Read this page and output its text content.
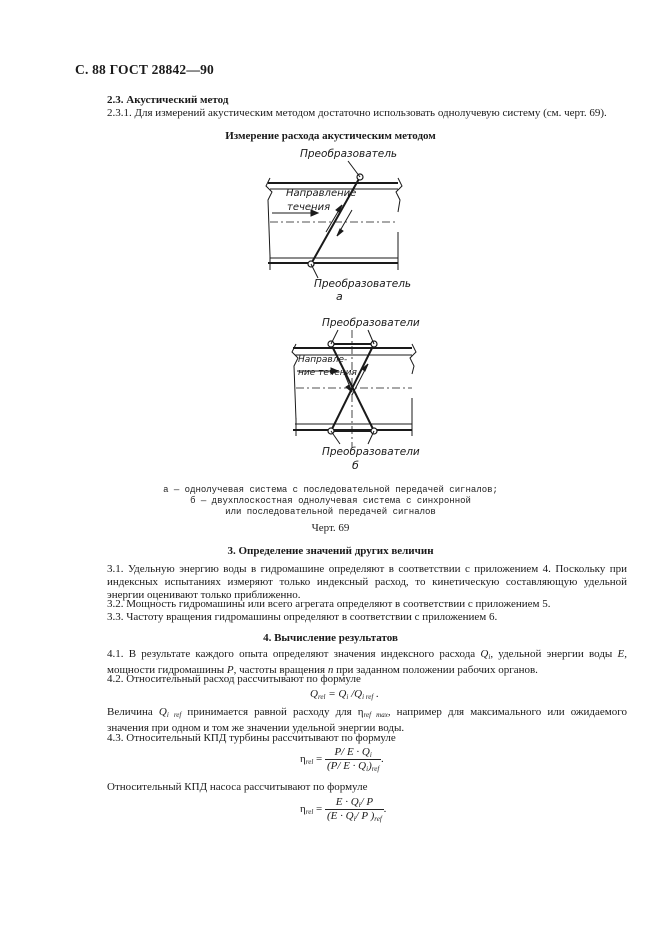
С. 88 ГОСТ 28842—90
2.3. Акустический метод
2.3.1. Для измерений акустическим методом достаточно использовать однолучевую систему (см. черт. 69).
Измерение расхода акустическим методом
Преобразователь
Направление
течения
Преобразователь
а
Преобразователи
Направле-
ние течения
Преобразователи
б
а — однолучевая система с последовательной передачей сигналов;
б — двухплоскостная однолучевая система с синхронной
или последовательной передачей сигналов
Черт. 69
3. Определение значений других величин
3.1. Удельную энергию воды в гидромашине определяют в соответствии с приложением 4. Поскольку при индексных испытаниях измеряют только индексный расход, то кинетическую составляющую удельной энергии оценивают только приближенно.
3.2. Мощность гидромашины или всего агрегата определяют в соответствии с приложением 5.
3.3. Частоту вращения гидромашины определяют в соответствии с приложением 6.
4. Вычисление результатов
4.1. В результате каждого опыта определяют значения индексного расхода $Q_i$, удельной энергии воды E, мощности гидромашины P, частоты вращения n при заданном положении рабочих органов.
4.2. Относительный расход рассчитывают по формуле
$Q_{rel} = Q_i$ $/Q_{i ref}$ .
Величина $Q_{i ref}$ принимается равной расходу для $\eta_{ref max}$, например для максимального или ожидаемого значения при одном и том же значении удельной энергии воды.
4.3. Относительный КПД турбины рассчитывают по формуле
$\eta_{rel} = \frac{P/ E \cdot Q_i}{(P/ E \cdot Q_i)_{ref}}$ .
Относительный КПД насоса рассчитывают по формуле
$\eta_{rel} = \frac{E \cdot Q_i/ P}{(E \cdot Q_i/ P )_{ref}}$ .
